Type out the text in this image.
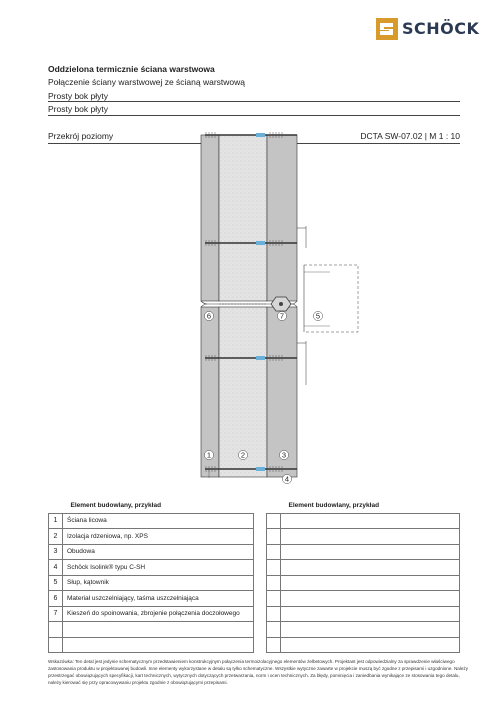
SCHÖCK
Oddzielona termicznie ściana warstwowa
Połączenie ściany warstwowej ze ścianą warstwową
Prosty bok płyty
Prosty bok płyty
Przekrój poziomy	DCTA SW-07.02 | M 1 : 10
6	7	5
1	2	3
4
Element budowlany, przykład	
1	Ściana licowa
2	Izolacja rdzeniowa, np. XPS
3	Obudowa
4	Schöck Isolink® typu C-SH
5	Słup, kątownik
6	Materiał uszczelniający, taśma uszczelniająca
7	Kieszeń do spoinowania, zbrojenie połączenia doczołowego

Element budowlany, przykład	

Wskazówka: Ten detal jest jedynie schematycznym przedstawieniem konstrukcyjnym połączenia termoizolacyjnego elementów żelbetowych. Projektant jest odpowiedzialny za sprawdzenie właściwego zastosowania produktu w projektowanej budowli. Inne elementy wykorzystane w detalu są tylko schematyczne. Wszystkie wytyczne zawarte w projekcie muszą być zgodne z przepisami i uzgodnione. Należy przestrzegać obowiązujących specyfikacji, kart technicznych, wytycznych dotyczących przetwarzania, norm i ocen technicznych. Za błędy, pominięcia i zaniedbania wynikające ze stosowania tego detalu, należy kierować się przy opracowywaniu projektu zgodnie z obowiązującymi przepisami.
